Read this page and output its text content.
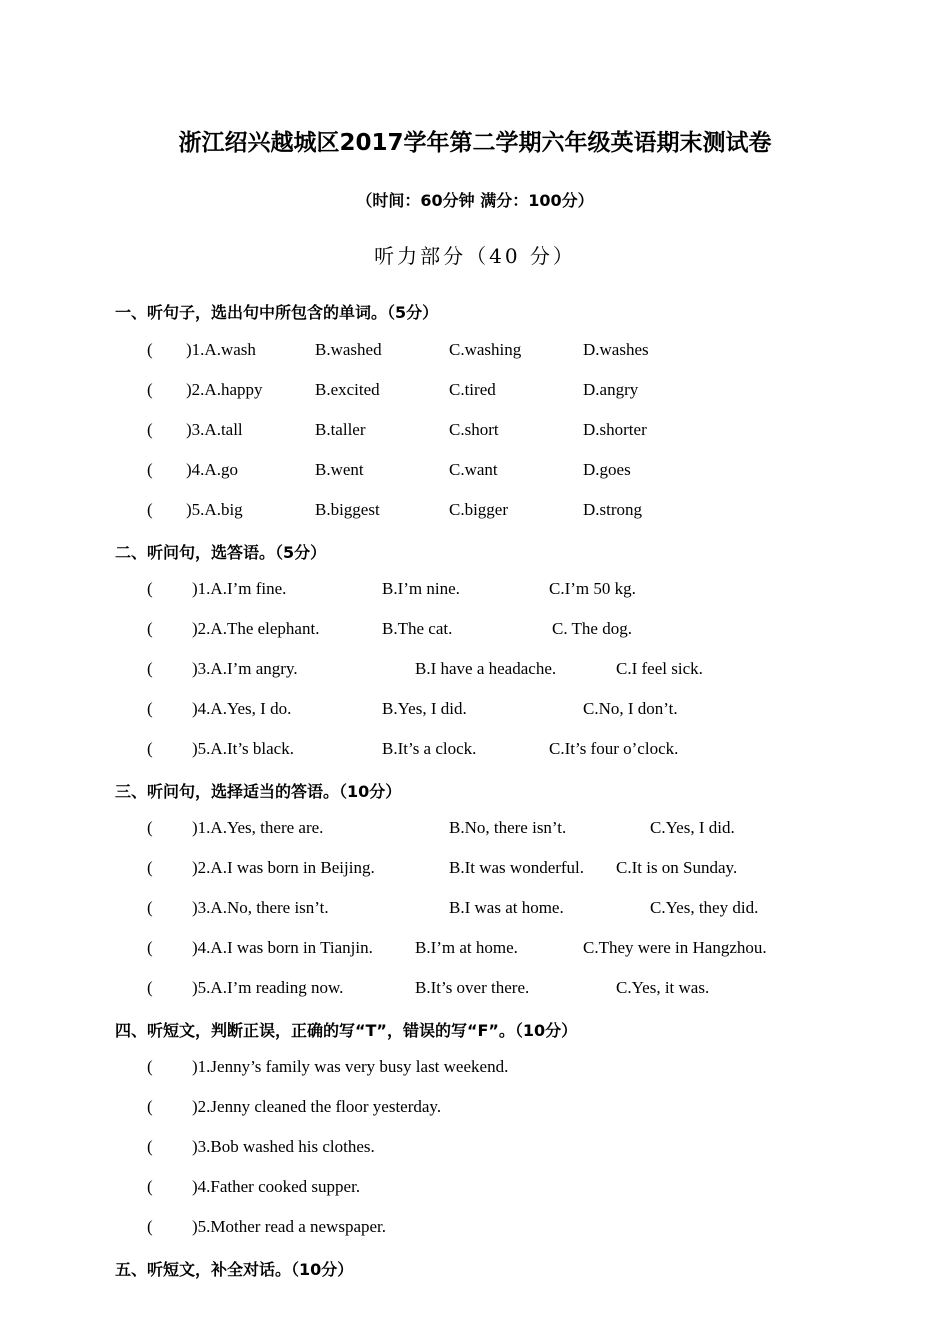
浙江绍兴越城区2017学年第二学期六年级英语期末测试卷
（时间：60分钟 满分：100分）
听力部分（40 分）
一、听句子，选出句中所包含的单词。（5分）
( )1.A.wash	B.washed	C.washing	D.washes
( )2.A.happy	B.excited	C.tired	D.angry
( )3.A.tall	B.taller	C.short	D.shorter
( )4.A.go	B.went	C.want	D.goes
( )5.A.big	B.biggest	C.bigger	D.strong
二、听问句，选答语。（5分）
( )1.A.I’m fine.	B.I’m nine.	C.I’m 50 kg.
( )2.A.The elephant.	B.The cat.	C. The dog.
( )3.A.I’m angry.	B.I have a headache.	C.I feel sick.
( )4.A.Yes, I do.	B.Yes, I did.	C.No, I don’t.
( )5.A.It’s black.	B.It’s a clock.	C.It’s four o’clock.
三、听问句，选择适当的答语。（10分）
( )1.A.Yes, there are.	B.No, there isn’t.	C.Yes, I did.
( )2.A.I was born in Beijing.	B.It was wonderful. C.It is on Sunday.
( )3.A.No, there isn’t.	B.I was at home.	C.Yes, they did.
( )4.A.I was born in Tianjin. B.I’m at home.	C.They were in Hangzhou.
( )5.A.I’m reading now.	B.It’s over there.	C.Yes, it was.
四、听短文，判断正误，正确的写“T”，错误的写“F”。（10分）
( )1.Jenny’s family was very busy last weekend.
( )2.Jenny cleaned the floor yesterday.
( )3.Bob washed his clothes.
( )4.Father cooked supper.
( )5.Mother read a newspaper.
五、听短文，补全对话。（10分）
